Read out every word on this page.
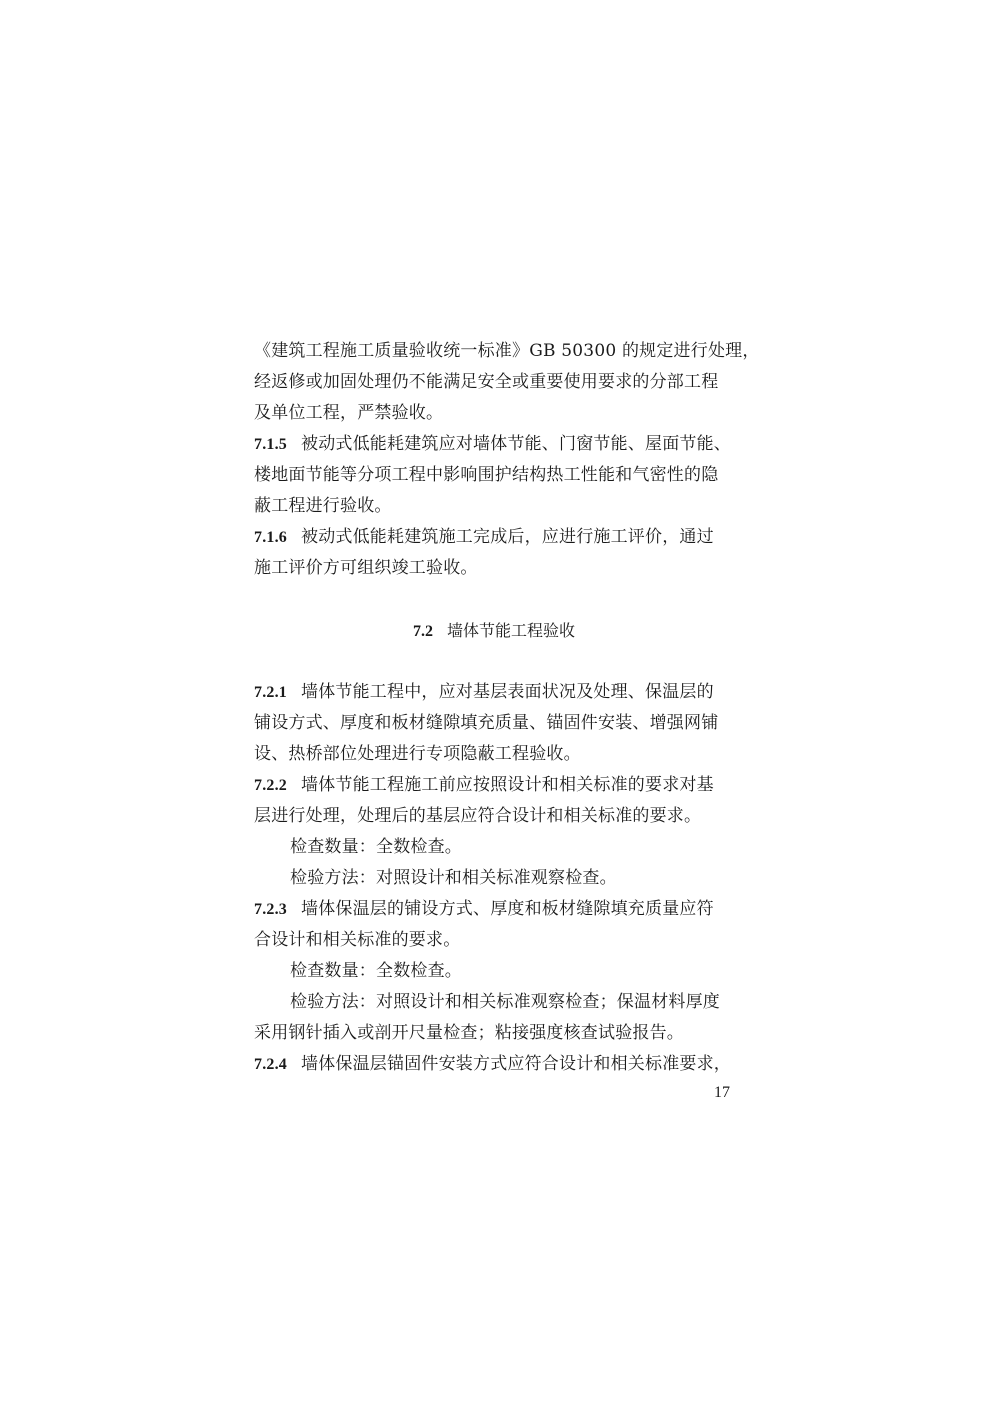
《建筑工程施工质量验收统一标准》GB 50300 的规定进行处理，
经返修或加固处理仍不能满足安全或重要使用要求的分部工程
及单位工程，严禁验收。
7.1.5 被动式低能耗建筑应对墙体节能、门窗节能、屋面节能、
楼地面节能等分项工程中影响围护结构热工性能和气密性的隐
蔽工程进行验收。
7.1.6 被动式低能耗建筑施工完成后，应进行施工评价，通过
施工评价方可组织竣工验收。
7.2 墙体节能工程验收
7.2.1 墙体节能工程中，应对基层表面状况及处理、保温层的
铺设方式、厚度和板材缝隙填充质量、锚固件安装、增强网铺
设、热桥部位处理进行专项隐蔽工程验收。
7.2.2 墙体节能工程施工前应按照设计和相关标准的要求对基
层进行处理，处理后的基层应符合设计和相关标准的要求。
检查数量：全数检查。
检验方法：对照设计和相关标准观察检查。
7.2.3 墙体保温层的铺设方式、厚度和板材缝隙填充质量应符
合设计和相关标准的要求。
检查数量：全数检查。
检验方法：对照设计和相关标准观察检查；保温材料厚度
采用钢针插入或剖开尺量检查；粘接强度核查试验报告。
7.2.4 墙体保温层锚固件安装方式应符合设计和相关标准要求，
17
